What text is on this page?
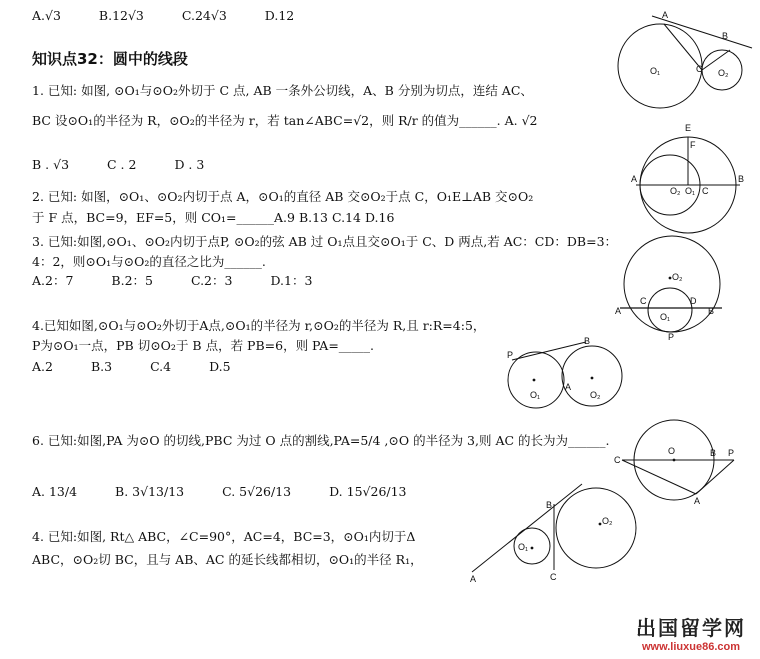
A.√3	B.12√3	C.24√3	D.12
知识点32：圆中的线段
1. 已知: 如图, ⊙O₁与⊙O₂外切于 C 点, AB 一条外公切线，A、B 分别为切点，连结 AC、
BC 设⊙O₁的半径为 R，⊙O₂的半径为 r，若 tan∠ABC=√2，则 R/r 的值为______. A. √2
B . √3	C . 2	D . 3
2. 已知: 如图，⊙O₁、⊙O₂内切于点 A，⊙O₁的直径 AB 交⊙O₂于点 C，O₁E⊥AB 交⊙O₂
于 F 点，BC=9，EF=5，则 CO₁=______A.9 B.13 C.14 D.16
3. 已知:如图,⊙O₁、⊙O₂内切于点P, ⊙O₂的弦 AB 过 O₁点且交⊙O₁于 C、D 两点,若 AC：CD：DB=3：
4：2，则⊙O₁与⊙O₂的直径之比为______.
A.2：7	B.2：5	C.2：3	D.1：3
4.已知如图,⊙O₁与⊙O₂外切于A点,⊙O₁的半径为 r,⊙O₂的半径为 R,且 r:R=4:5，
P为⊙O₁一点，PB 切⊙O₂于 B 点，若 PB=6，则 PA=_____.
A.2	B.3	C.4	D.5
6. 已知:如图,PA 为⊙O 的切线,PBC 为过 O 点的割线,PA=5/4 ,⊙O 的半径为 3,则 AC 的长为为______.
A. 13/4	B. 3√13/13	C. 5√26/13	D. 15√26/13
4. 已知:如图, Rt△ ABC，∠C=90°，AC=4，BC=3，⊙O₁内切于Δ
ABC，⊙O₂切 BC，且与 AB、AC 的延长线都相切，⊙O₁的半径 R₁，
A
B
C
O₁	O₂
E
F
A
O₂ O₁ C
B
O₂
C	D
A
O₁
B
P
P
A
B
O₁	O₂
C
O	B P
A
B
O₁
O₂
A	C
出国留学网
www.liuxue86.com
